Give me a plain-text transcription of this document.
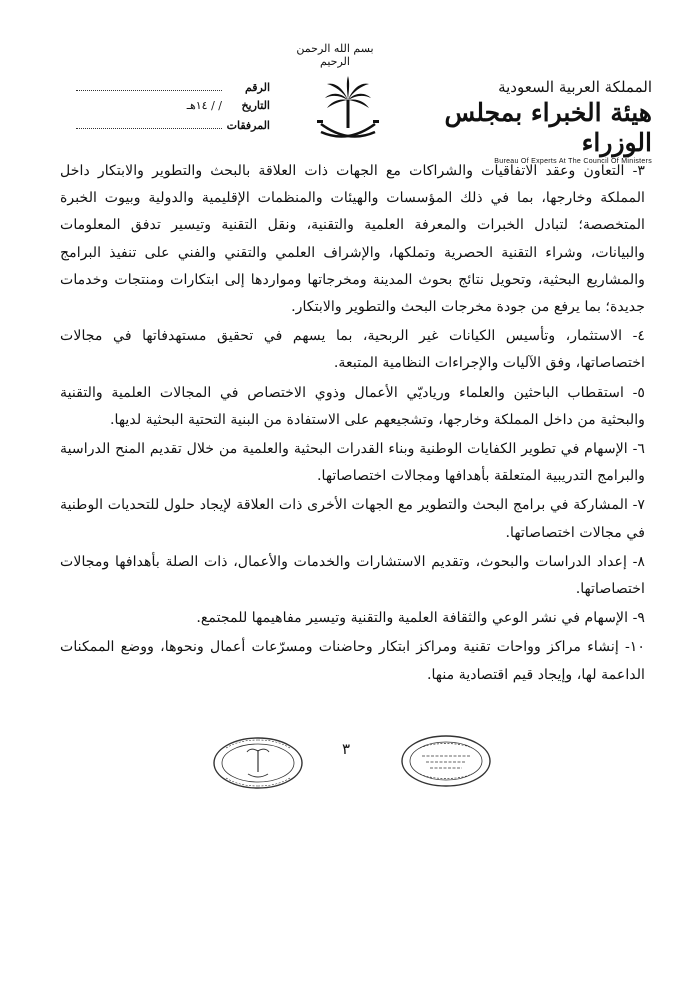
بسم الله الرحمن الرحيم
المملكة العربية السعودية
هيئة الخبراء بمجلس الوزراء
Bureau Of Experts At The Council Of Ministers
الرقم
التاريخ
/ / ١٤هـ
المرفقات

٣- التعاون وعقد الاتفاقيات والشراكات مع الجهات ذات العلاقة بالبحث والتطوير والابتكار داخل المملكة وخارجها، بما في ذلك المؤسسات والهيئات والمنظمات الإقليمية والدولية وبيوت الخبرة المتخصصة؛ لتبادل الخبرات والمعرفة العلمية والتقنية، ونقل التقنية وتيسير تدفق المعلومات والبيانات، وشراء التقنية الحصرية وتملكها، والإشراف العلمي والتقني والفني على تنفيذ البرامج والمشاريع البحثية، وتحويل نتائج بحوث المدينة ومخرجاتها ومواردها إلى ابتكارات ومنتجات وخدمات جديدة؛ بما يرفع من جودة مخرجات البحث والتطوير والابتكار.

٤- الاستثمار، وتأسيس الكيانات غير الربحية، بما يسهم في تحقيق مستهدفاتها في مجالات اختصاصاتها، وفق الآليات والإجراءات النظامية المتبعة.

٥- استقطاب الباحثين والعلماء ورياديّي الأعمال وذوي الاختصاص في المجالات العلمية والتقنية والبحثية من داخل المملكة وخارجها، وتشجيعهم على الاستفادة من البنية التحتية البحثية لديها.

٦- الإسهام في تطوير الكفايات الوطنية وبناء القدرات البحثية والعلمية من خلال تقديم المنح الدراسية والبرامج التدريبية المتعلقة بأهدافها ومجالات اختصاصاتها.

٧- المشاركة في برامج البحث والتطوير مع الجهات الأخرى ذات العلاقة لإيجاد حلول للتحديات الوطنية في مجالات اختصاصاتها.

٨- إعداد الدراسات والبحوث، وتقديم الاستشارات والخدمات والأعمال، ذات الصلة بأهدافها ومجالات اختصاصاتها.

٩- الإسهام في نشر الوعي والثقافة العلمية والتقنية وتيسير مفاهيمها للمجتمع.

١٠- إنشاء مراكز وواحات تقنية ومراكز ابتكار وحاضنات ومسرّعات أعمال ونحوها، ووضع الممكنات الداعمة لها، وإيجاد قيم اقتصادية منها.

٣
